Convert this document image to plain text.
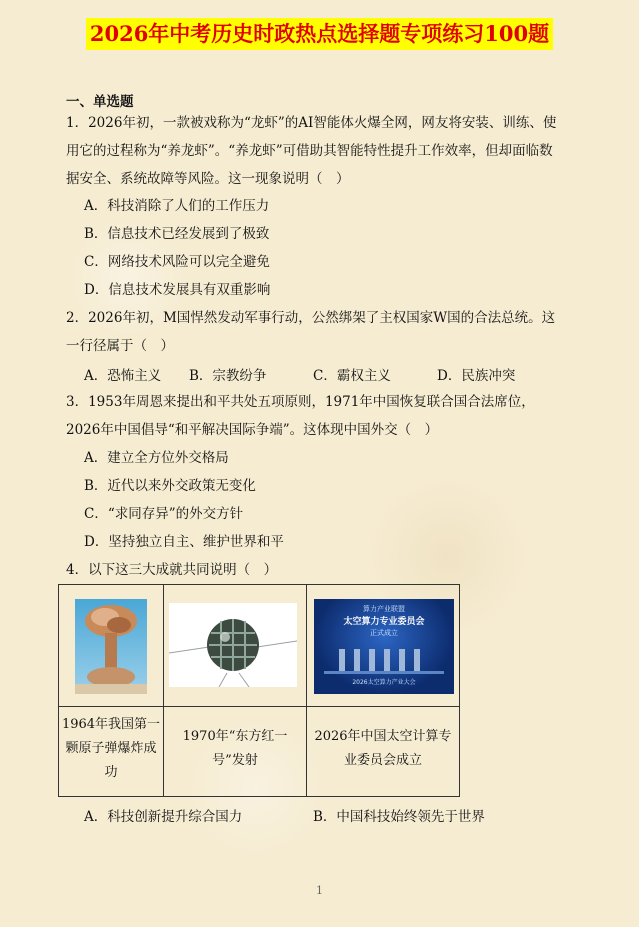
2026年中考历史时政热点选择题专项练习100题
一、单选题
1．2026年初，一款被戏称为“龙虾”的AI智能体火爆全网，网友将安装、训练、使用它的过程称为“养龙虾”。“养龙虾”可借助其智能特性提升工作效率，但却面临数据安全、系统故障等风险。这一现象说明（　）
A．科技消除了人们的工作压力
B．信息技术已经发展到了极致
C．网络技术风险可以完全避免
D．信息技术发展具有双重影响
2．2026年初，M国悍然发动军事行动，公然绑架了主权国家W国的合法总统。这一行径属于（　）
A．恐怖主义 B．宗教纷争	C．霸权主义	D．民族冲突
3．1953年周恩来提出和平共处五项原则，1971年中国恢复联合国合法席位，2026年中国倡导“和平解决国际争端”。这体现中国外交（　）
A．建立全方位外交格局
B．近代以来外交政策无变化
C．“求同存异”的外交方针
D．坚持独立自主、维护世界和平
4．以下这三大成就共同说明（　）
算力产业联盟
太空算力专业委员会
正式成立
2026太空算力产业大会
1964年我国第一颗原子弹爆炸成功
1970年“东方红一号”发射
2026年中国太空计算专业委员会成立
A．科技创新提升综合国力	B．中国科技始终领先于世界
1
